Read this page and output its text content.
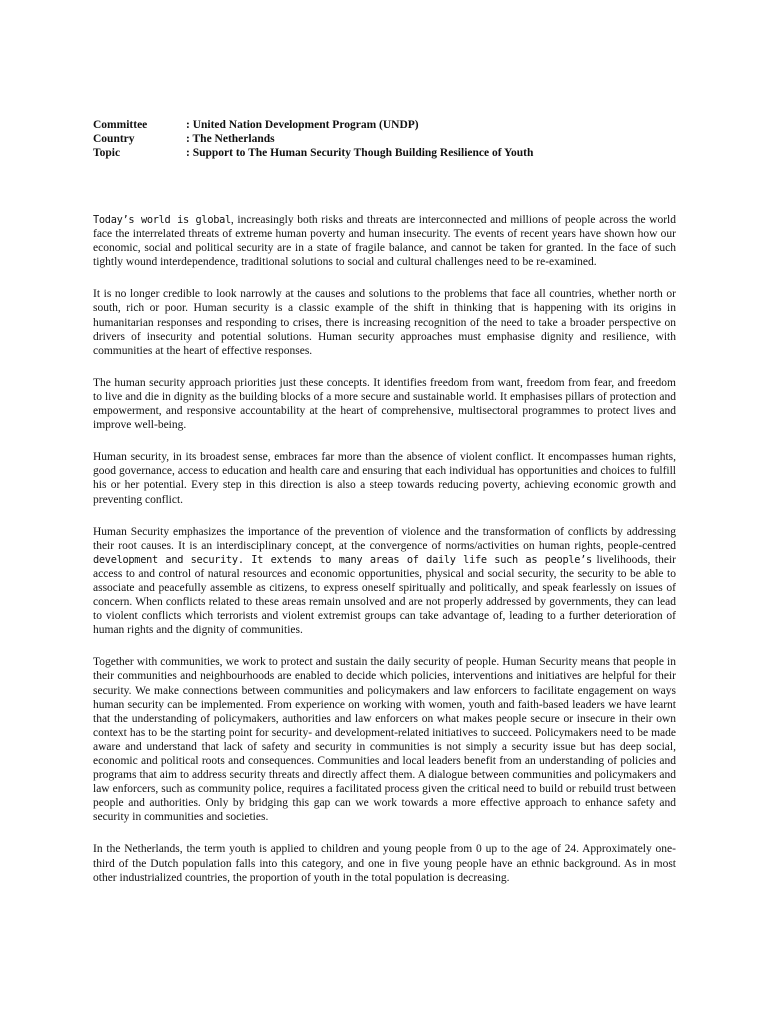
Committee	: United Nation Development Program (UNDP)
Country	: The Netherlands
Topic	: Support to The Human Security Though Building Resilience of Youth

Today’s world is global, increasingly both risks and threats are interconnected and millions of people across the world face the interrelated threats of extreme human poverty and human insecurity. The events of recent years have shown how our economic, social and political security are in a state of fragile balance, and cannot be taken for granted. In the face of such tightly wound interdependence, traditional solutions to social and cultural challenges need to be re-examined.

It is no longer credible to look narrowly at the causes and solutions to the problems that face all countries, whether north or south, rich or poor. Human security is a classic example of the shift in thinking that is happening with its origins in humanitarian responses and responding to crises, there is increasing recognition of the need to take a broader perspective on drivers of insecurity and potential solutions. Human security approaches must emphasise dignity and resilience, with communities at the heart of effective responses.

The human security approach priorities just these concepts. It identifies freedom from want, freedom from fear, and freedom to live and die in dignity as the building blocks of a more secure and sustainable world. It emphasises pillars of protection and empowerment, and responsive accountability at the heart of comprehensive, multisectoral programmes to protect lives and improve well-being.

Human security, in its broadest sense, embraces far more than the absence of violent conflict. It encompasses human rights, good governance, access to education and health care and ensuring that each individual has opportunities and choices to fulfill his or her potential. Every step in this direction is also a steep towards reducing poverty, achieving economic growth and preventing conflict.

Human Security emphasizes the importance of the prevention of violence and the transformation of conflicts by addressing their root causes. It is an interdisciplinary concept, at the convergence of norms/activities on human rights, people-centred development and security. It extends to many areas of daily life such as people’s livelihoods, their access to and control of natural resources and economic opportunities, physical and social security, the security to be able to associate and peacefully assemble as citizens, to express oneself spiritually and politically, and speak fearlessly on issues of concern. When conflicts related to these areas remain unsolved and are not properly addressed by governments, they can lead to violent conflicts which terrorists and violent extremist groups can take advantage of, leading to a further deterioration of human rights and the dignity of communities.

Together with communities, we work to protect and sustain the daily security of people. Human Security means that people in their communities and neighbourhoods are enabled to decide which policies, interventions and initiatives are helpful for their security. We make connections between communities and policymakers and law enforcers to facilitate engagement on ways human security can be implemented. From experience on working with women, youth and faith-based leaders we have learnt that the understanding of policymakers, authorities and law enforcers on what makes people secure or insecure in their own context has to be the starting point for security- and development-related initiatives to succeed. Policymakers need to be made aware and understand that lack of safety and security in communities is not simply a security issue but has deep social, economic and political roots and consequences. Communities and local leaders benefit from an understanding of policies and programs that aim to address security threats and directly affect them. A dialogue between communities and policymakers and law enforcers, such as community police, requires a facilitated process given the critical need to build or rebuild trust between people and authorities. Only by bridging this gap can we work towards a more effective approach to enhance safety and security in communities and societies.

In the Netherlands, the term youth is applied to children and young people from 0 up to the age of 24. Approximately one-third of the Dutch population falls into this category, and one in five young people have an ethnic background. As in most other industrialized countries, the proportion of youth in the total population is decreasing.
